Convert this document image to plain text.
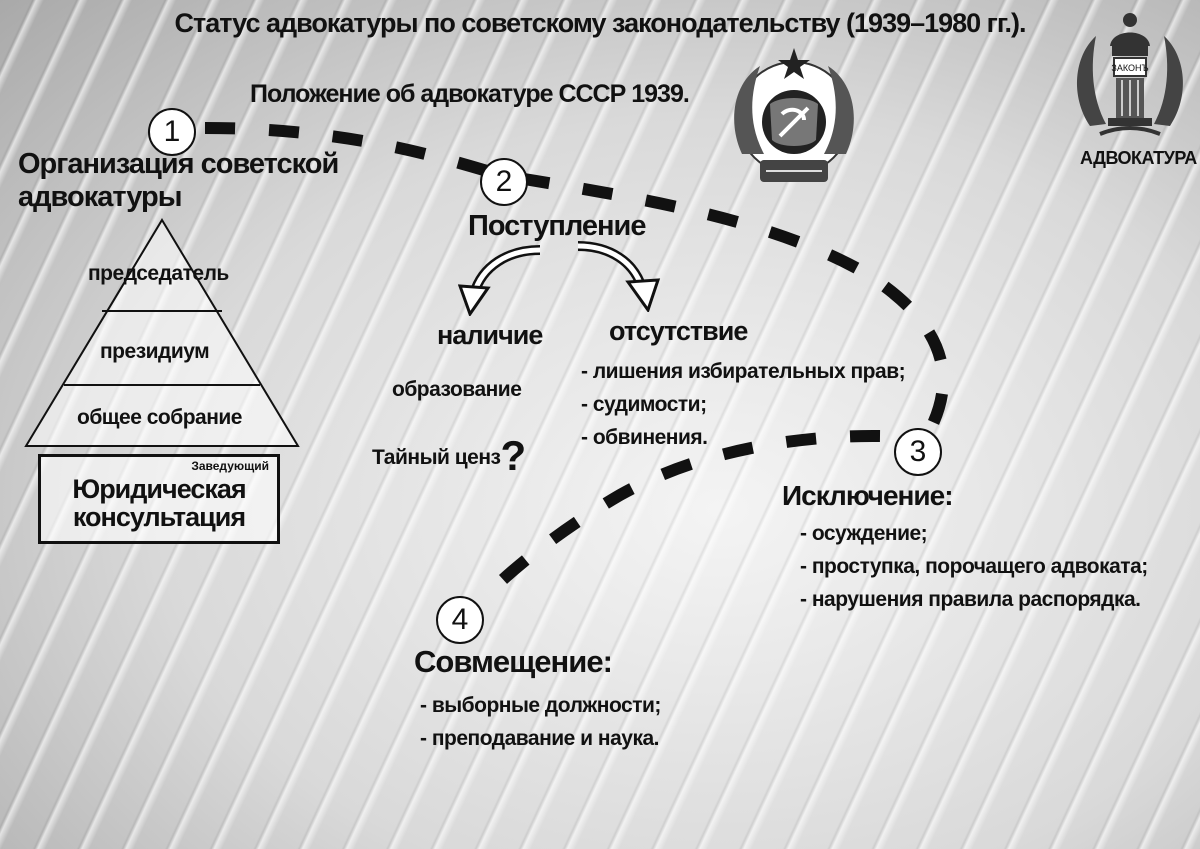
Статус адвокатуры по советскому законодательству (1939–1980 гг.).
Положение об адвокатуре СССР 1939.
ЗАКОНЪ
АДВОКАТУРА
1
Организация советской адвокатуры
председатель
президиум
общее собрание
Заведующий
Юридическая консультация
2
Поступление
наличие
образование
Тайный ценз?
отсутствие
- лишения избирательных прав;
- судимости;
- обвинения.	3
Исключение:
- осуждение;
- проступка, порочащего адвоката;
- нарушения правила распорядка.
4
Совмещение:
- выборные должности;
- преподавание и наука.
